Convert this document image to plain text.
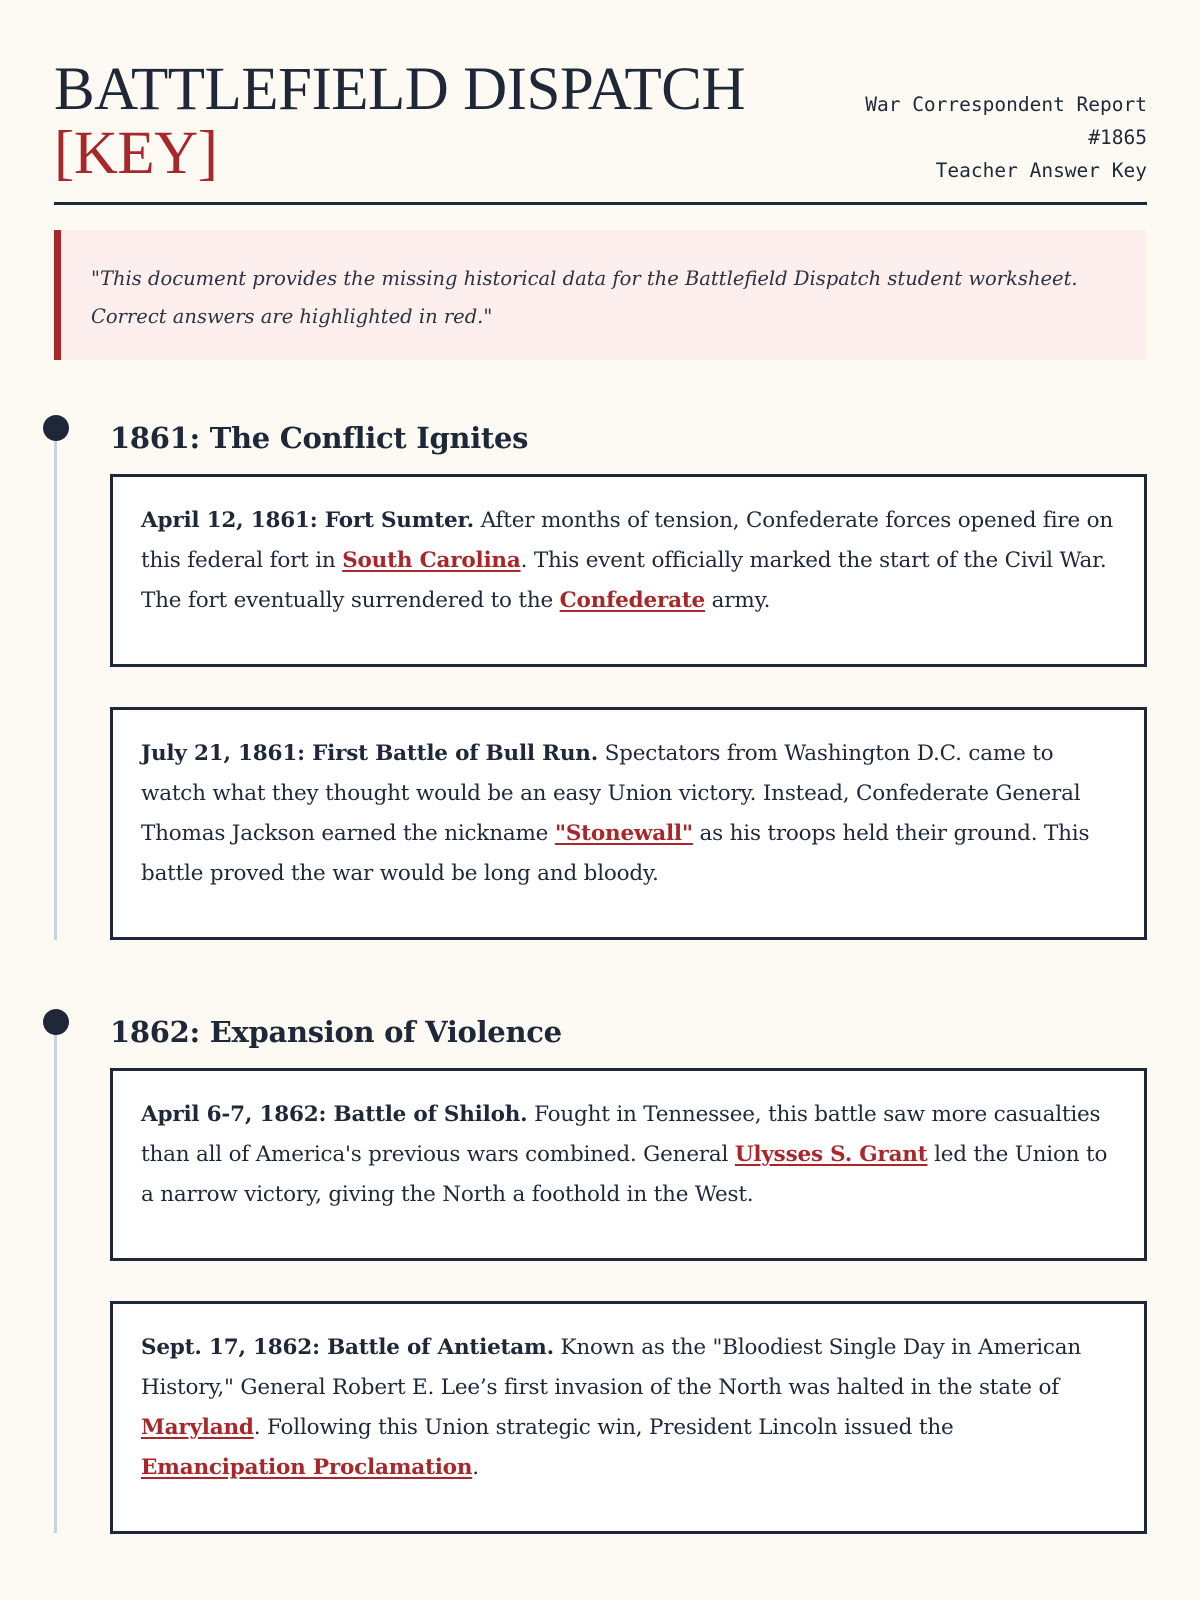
BATTLEFIELD DISPATCH
[KEY]
War Correspondent Report
#1865
Teacher Answer Key
"This document provides the missing historical data for the Battlefield Dispatch student worksheet. Correct answers are highlighted in red."
1861: The Conflict Ignites
April 12, 1861: Fort Sumter. After months of tension, Confederate forces opened fire on this federal fort in South Carolina. This event officially marked the start of the Civil War. The fort eventually surrendered to the Confederate army.
July 21, 1861: First Battle of Bull Run. Spectators from Washington D.C. came to watch what they thought would be an easy Union victory. Instead, Confederate General Thomas Jackson earned the nickname "Stonewall" as his troops held their ground. This battle proved the war would be long and bloody.
1862: Expansion of Violence
April 6-7, 1862: Battle of Shiloh. Fought in Tennessee, this battle saw more casualties than all of America's previous wars combined. General Ulysses S. Grant led the Union to a narrow victory, giving the North a foothold in the West.
Sept. 17, 1862: Battle of Antietam. Known as the "Bloodiest Single Day in American History," General Robert E. Lee’s first invasion of the North was halted in the state of Maryland. Following this Union strategic win, President Lincoln issued the Emancipation Proclamation.
